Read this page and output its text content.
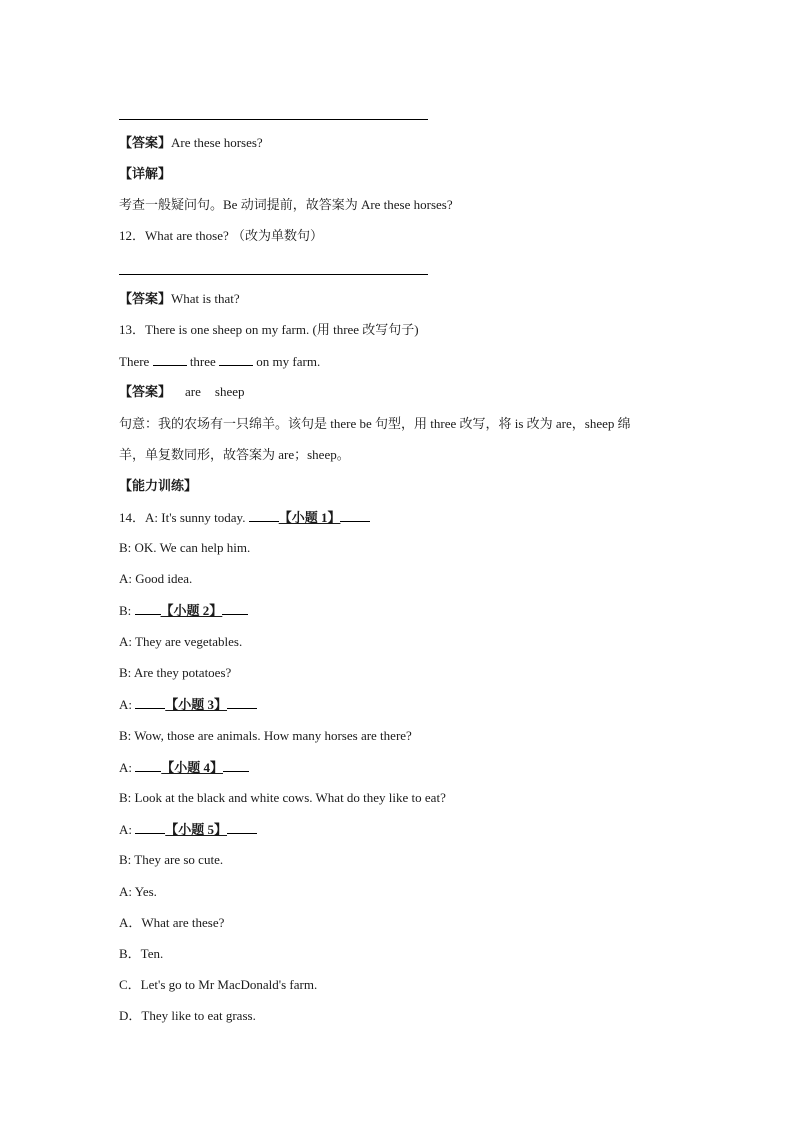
【答案】Are these horses?
【详解】
考查一般疑问句。Be 动词提前，故答案为 Are these horses?
12．What are those? （改为单数句）
【答案】What is that?
13．There is one sheep on my farm. (用 three 改写句子)
There	three	on my farm.
【答案】 are sheep
句意：我的农场有一只绵羊。该句是 there be 句型，用 three 改写，将 is 改为 are，sheep 绵
羊，单复数同形，故答案为 are；sheep。
【能力训练】
14．A: It's sunny today.	【小题 1】
B: OK. We can help him.
A: Good idea.
B: 【小题 2】
A: They are vegetables.
B: Are they potatoes?
A:	【小题 3】
B: Wow, those are animals. How many horses are there?
A: 【小题 4】
B: Look at the black and white cows. What do they like to eat?
A:	【小题 5】
B: They are so cute.
A: Yes.
A．What are these?
B．Ten.
C．Let's go to Mr MacDonald's farm.
D．They like to eat grass.
